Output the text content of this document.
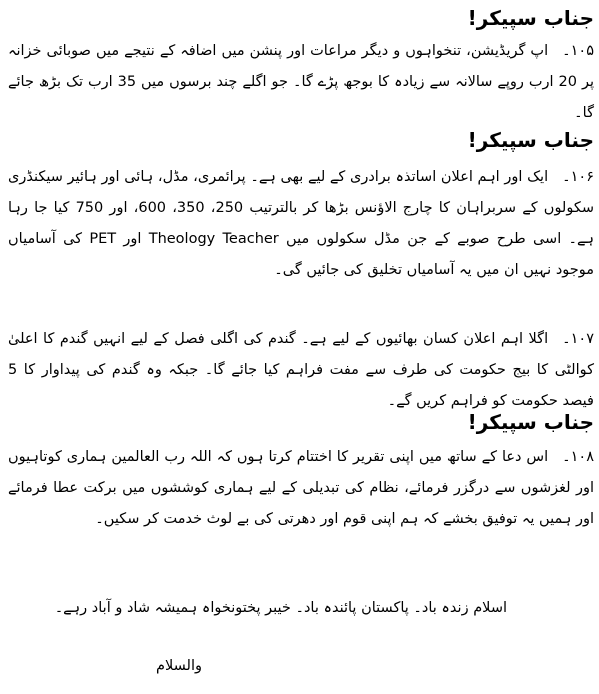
جناب سپیکر!
۱۰۵۔اپ گریڈیشن، تنخواہوں و دیگر مراعات اور پنشن میں اضافہ کے نتیجے میں صوبائی خزانہ پر 20 ارب روپے سالانہ سے زیادہ کا بوجھ پڑے گا۔ جو اگلے چند برسوں میں 35 ارب تک بڑھ جائے گا۔
جناب سپیکر!
۱۰۶۔ایک اور اہم اعلان اساتذہ برادری کے لیے بھی ہے۔ پرائمری، مڈل، ہائی اور ہائیر سیکنڈری سکولوں کے سربراہان کا چارج الاؤنس بڑھا کر بالترتیب 250، 350، 600، اور 750 کیا جا رہا ہے۔ اسی طرح صوبے کے جن مڈل سکولوں میں Theology Teacher اور PET کی آسامیاں موجود نہیں ان میں یہ آسامیاں تخلیق کی جائیں گی۔
۱۰۷۔اگلا اہم اعلان کسان بھائیوں کے لیے ہے۔ گندم کی اگلی فصل کے لیے انہیں گندم کا اعلیٰ کوالٹی کا بیج حکومت کی طرف سے مفت فراہم کیا جائے گا۔ جبکہ وہ گندم کی پیداوار کا 5 فیصد حکومت کو فراہم کریں گے۔
جناب سپیکر!
۱۰۸۔اس دعا کے ساتھ میں اپنی تقریر کا اختتام کرتا ہوں کہ اللہ رب العالمین ہماری کوتاہیوں اور لغزشوں سے درگزر فرمائے، نظام کی تبدیلی کے لیے ہماری کوششوں میں برکت عطا فرمائے اور ہمیں یہ توفیق بخشے کہ ہم اپنی قوم اور دھرتی کی بے لوث خدمت کر سکیں۔
اسلام زندہ باد۔ پاکستان پائندہ باد۔ خیبر پختونخواہ ہمیشہ شاد و آباد رہے۔
والسلام
